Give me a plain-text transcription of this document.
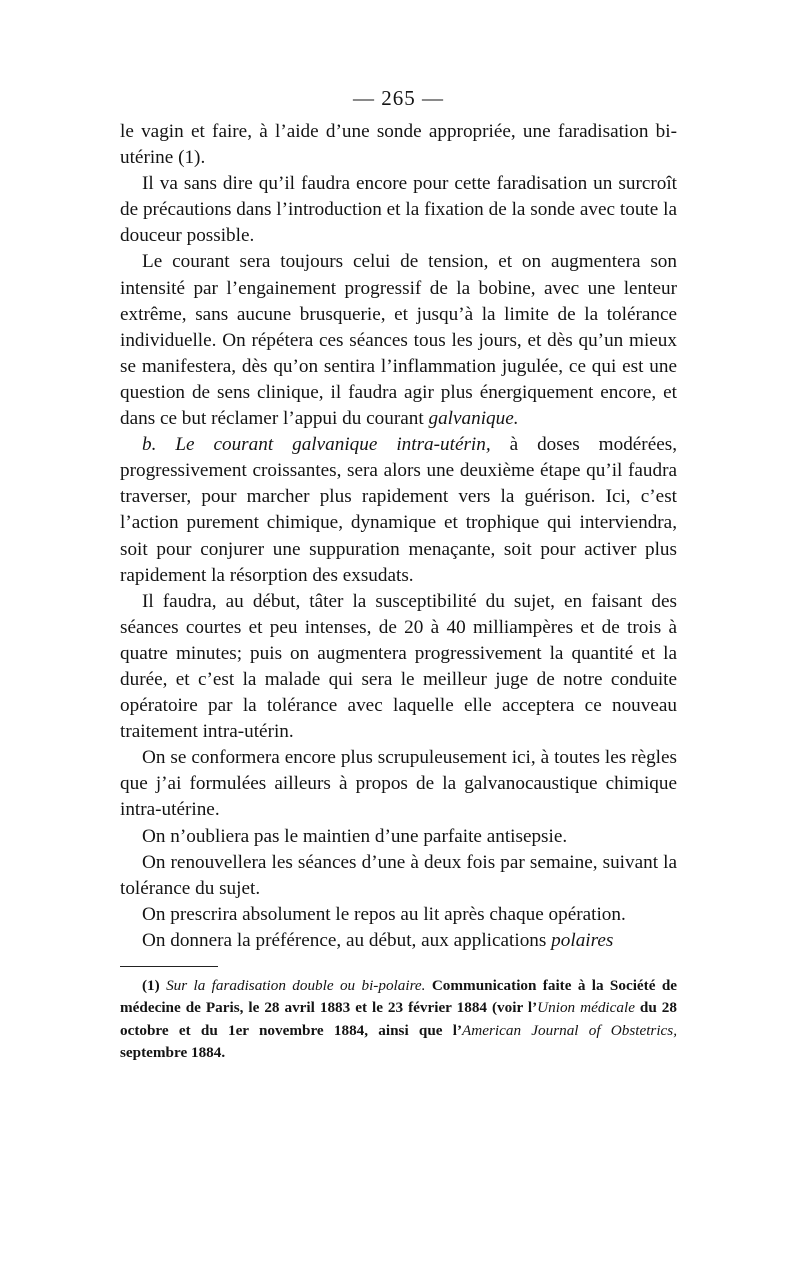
— 265 —

le vagin et faire, à l’aide d’une sonde appropriée, une faradisation bi-utérine (1).

Il va sans dire qu’il faudra encore pour cette faradisation un surcroît de précautions dans l’introduction et la fixation de la sonde avec toute la douceur possible.

Le courant sera toujours celui de tension, et on augmentera son intensité par l’engainement progressif de la bobine, avec une lenteur extrême, sans aucune brusquerie, et jusqu’à la limite de la tolérance individuelle. On répétera ces séances tous les jours, et dès qu’un mieux se manifestera, dès qu’on sentira l’inflammation jugulée, ce qui est une question de sens clinique, il faudra agir plus énergiquement encore, et dans ce but réclamer l’appui du courant galvanique.

b. Le courant galvanique intra-utérin, à doses modérées, progressivement croissantes, sera alors une deuxième étape qu’il faudra traverser, pour marcher plus rapidement vers la guérison. Ici, c’est l’action purement chimique, dynamique et trophique qui interviendra, soit pour conjurer une suppuration menaçante, soit pour activer plus rapidement la résorption des exsudats.

Il faudra, au début, tâter la susceptibilité du sujet, en faisant des séances courtes et peu intenses, de 20 à 40 milliampères et de trois à quatre minutes; puis on augmentera progressivement la quantité et la durée, et c’est la malade qui sera le meilleur juge de notre conduite opératoire par la tolérance avec laquelle elle acceptera ce nouveau traitement intra-utérin.

On se conformera encore plus scrupuleusement ici, à toutes les règles que j’ai formulées ailleurs à propos de la galvanocaustique chimique intra-utérine.

On n’oubliera pas le maintien d’une parfaite antisepsie.

On renouvellera les séances d’une à deux fois par semaine, suivant la tolérance du sujet.

On prescrira absolument le repos au lit après chaque opération.

On donnera la préférence, au début, aux applications polaires

(1) Sur la faradisation double ou bi-polaire. Communication faite à la Société de médecine de Paris, le 28 avril 1883 et le 23 février 1884 (voir l’Union médicale du 28 octobre et du 1er novembre 1884, ainsi que l’American Journal of Obstetrics, septembre 1884.
